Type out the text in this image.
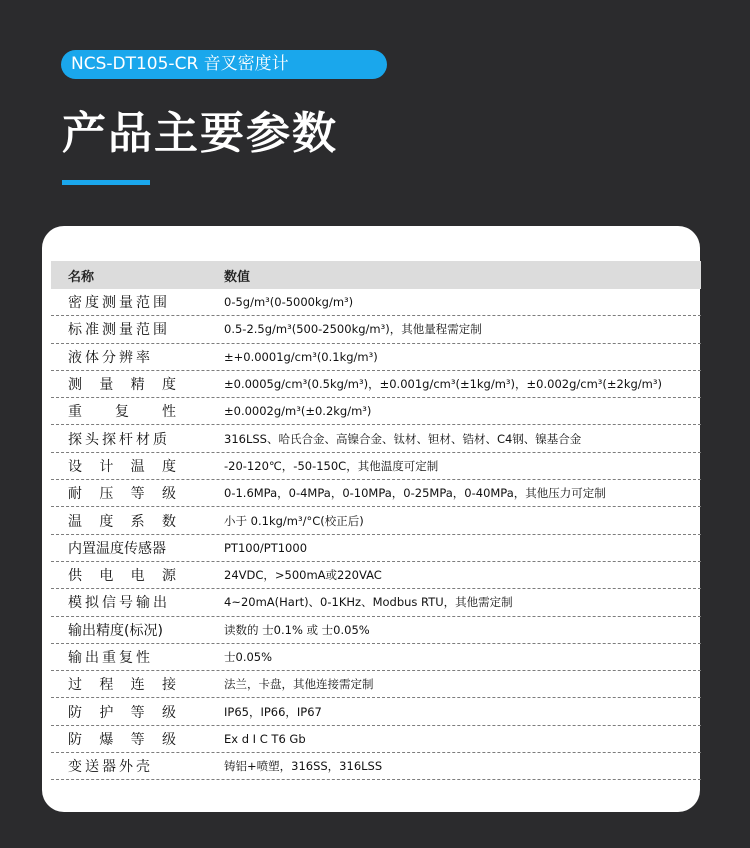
NCS-DT105-CR 音叉密度计
产品主要参数
名称	数值
密度测量范围	0-5g/m³(0-5000kg/m³)
标准测量范围	0.5-2.5g/m³(500-2500kg/m³)，其他量程需定制
液体分辨率	±+0.0001g/cm³(0.1kg/m³)
测 量 精 度	±0.0005g/cm³(0.5kg/m³)，±0.001g/cm³(±1kg/m³)，±0.002g/cm³(±2kg/m³)
重 复 性	±0.0002g/m³(±0.2kg/m³)
探头探杆材质	316LSS、哈氏合金、高镍合金、钛材、钽材、锆材、C4钢、镍基合金
设 计 温 度	-20-120℃，-50-150C，其他温度可定制
耐 压 等 级	0-1.6MPa，0-4MPa，0-10MPa，0-25MPa，0-40MPa，其他压力可定制
温 度 系 数	小于 0.1kg/m³/°C(校正后)
内置温度传感器	PT100/PT1000
供 电 电 源	24VDC，>500mA或220VAC
模拟信号输出	4~20mA(Hart)、0-1KHz、Modbus RTU，其他需定制
输出精度(标况)	读数的 士0.1% 或 士0.05%
输出重复性	士0.05%
过 程 连 接	法兰，卡盘，其他连接需定制
防 护 等 级	IP65，IP66，IP67
防 爆 等 级	Ex d I C T6 Gb
变送器外壳	铸铝+喷塑，316SS，316LSS
